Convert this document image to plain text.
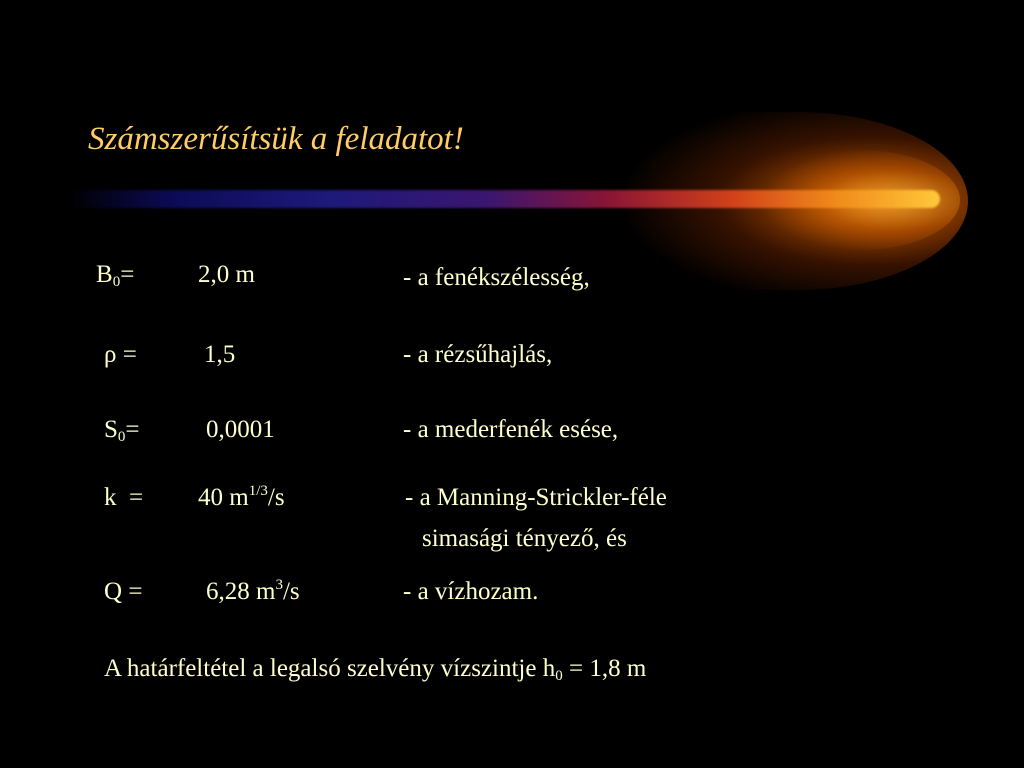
Számszerűsítsük a feladatot!
$B_0=$	2,0 m	- a fenékszélesség,
ρ =	1,5	- a rézsűhajlás,
$S_0=$	0,0001	- a mederfenék esése,
k = 40 $m^{1/3}/s$	- a Manning-Strickler-féle
simasági tényező, és
Q =	6,28 $m^3/s$	- a vízhozam.
A határfeltétel a legalsó szelvény vízszintje $h_0 = 1,8$ m
